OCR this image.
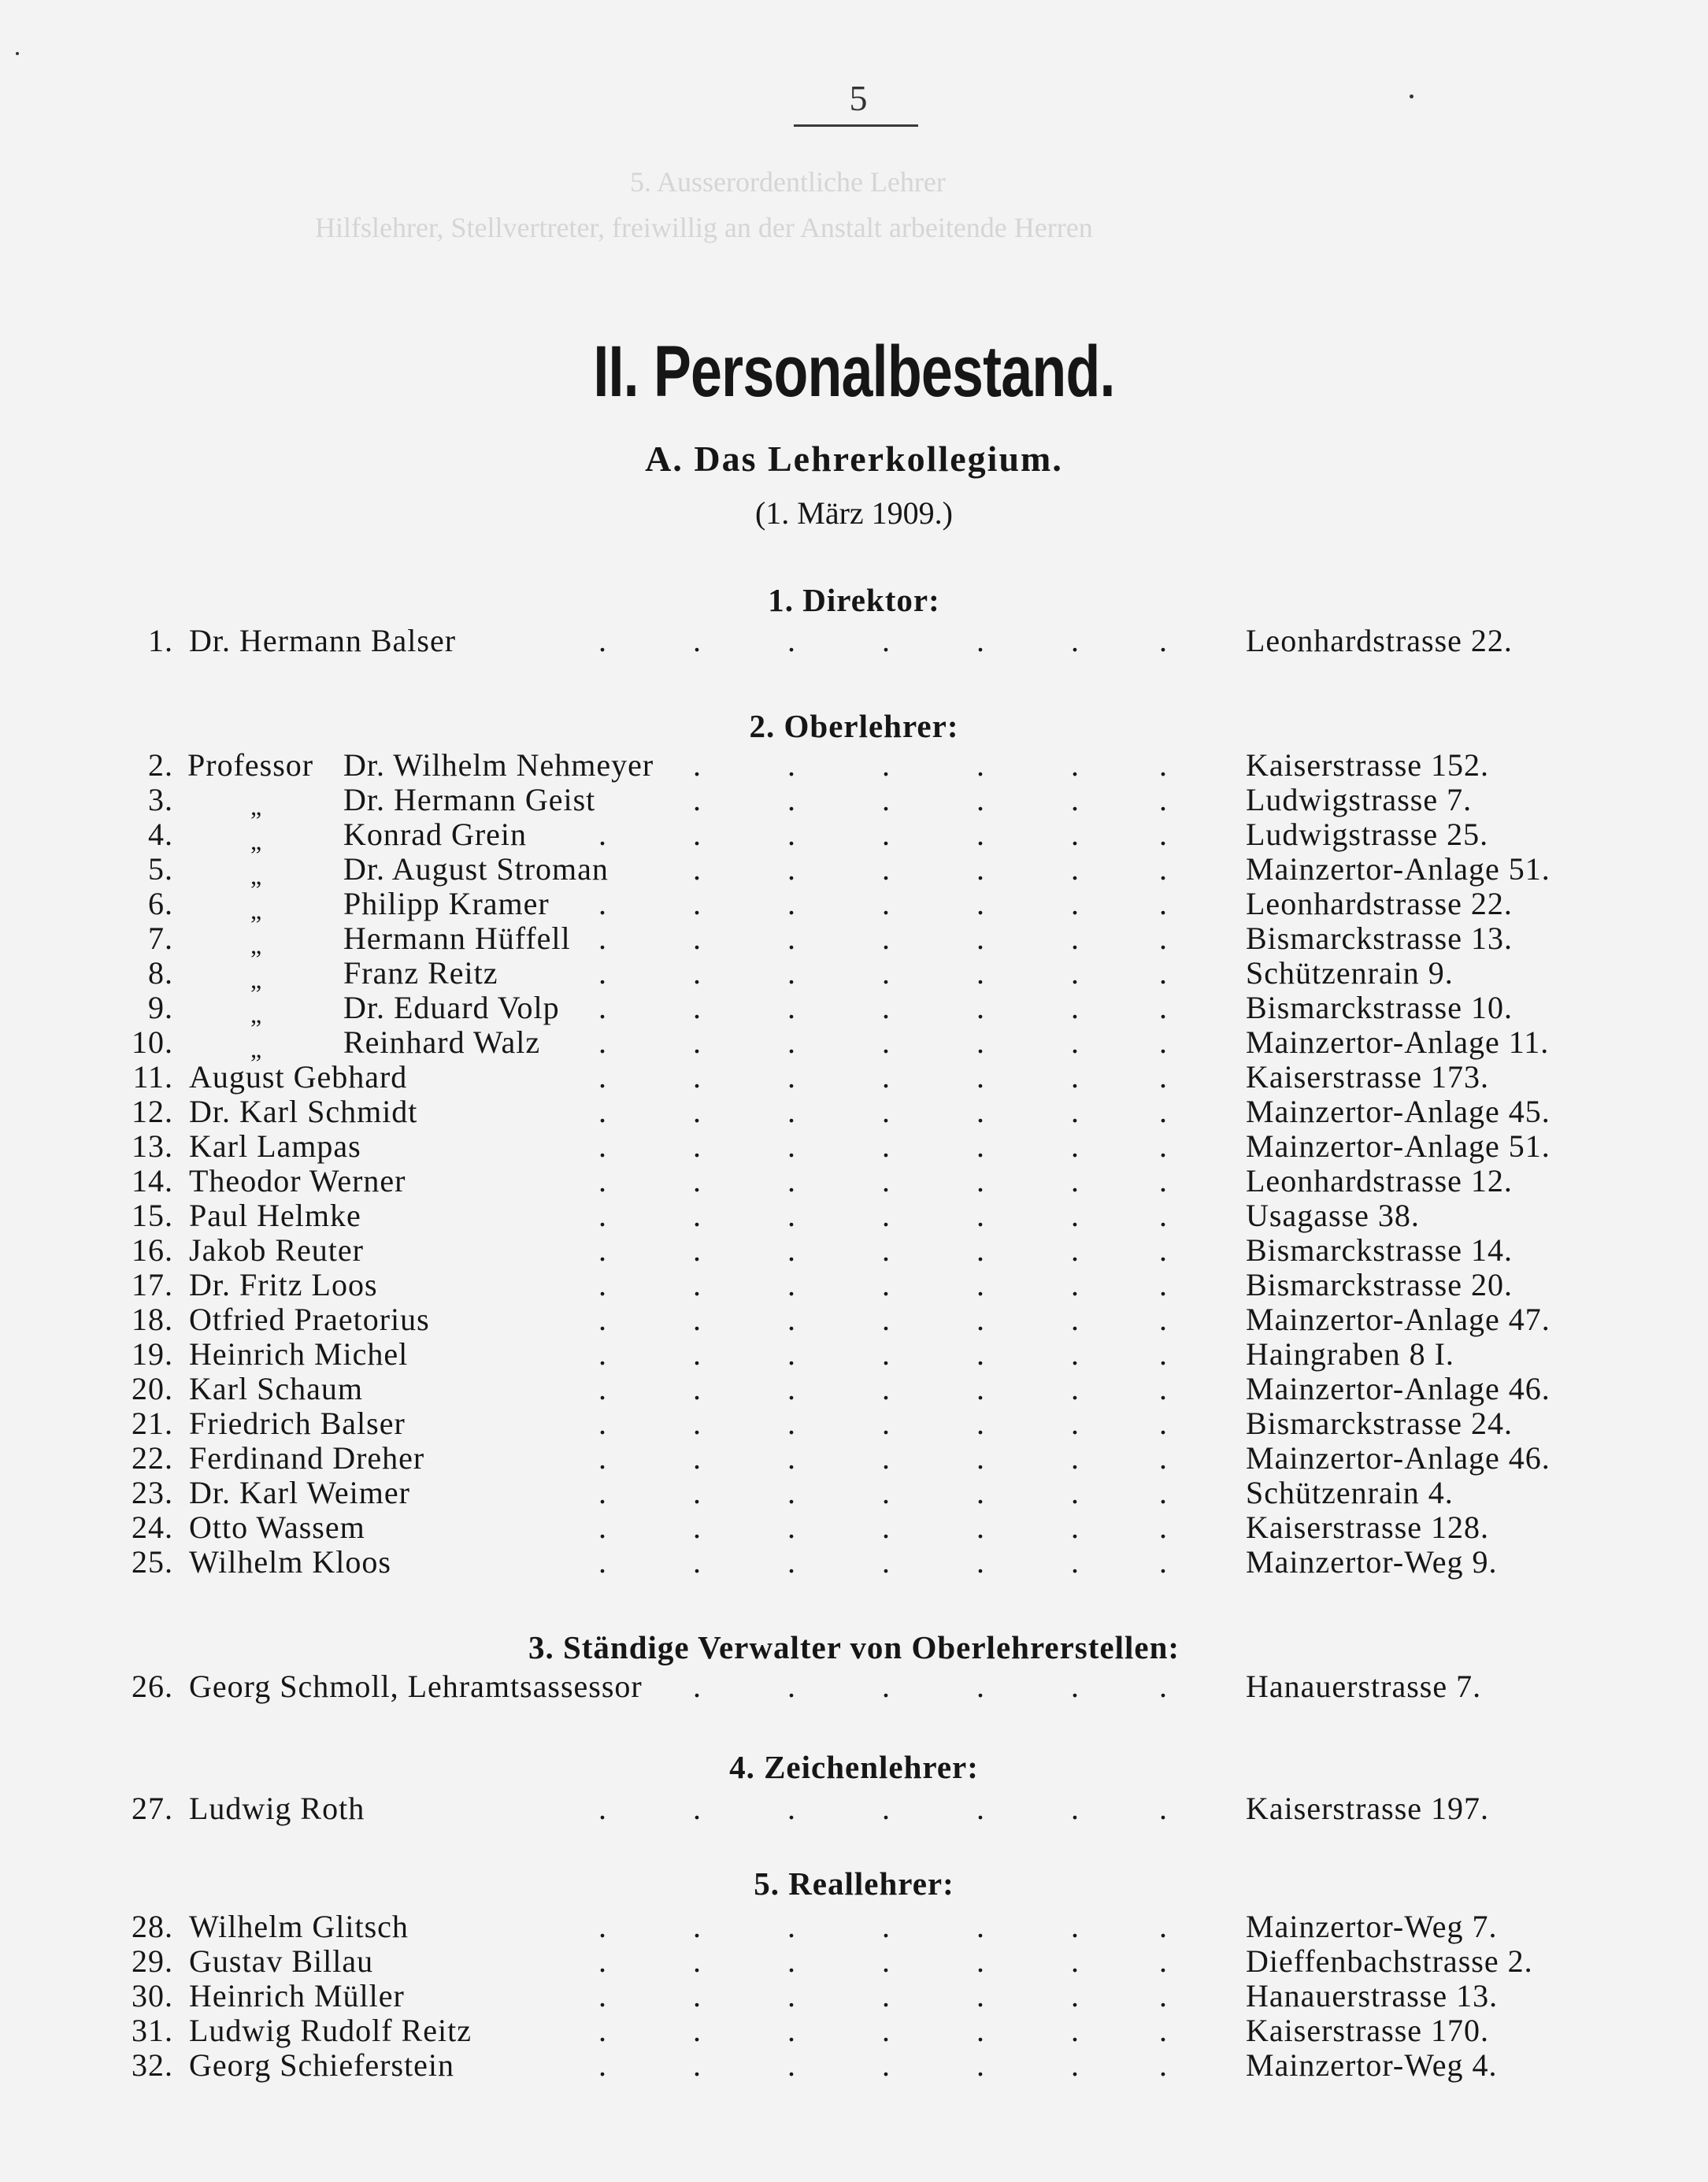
5. Ausserordentliche Lehrer
Hilfslehrer, Stellvertreter, freiwillig an der Anstalt arbeitende Herren
5
II. Personalbestand.
A. Das Lehrerkollegium.
(1. März 1909.)
1. Direktor:
1. Dr. Hermann Balser	.	.	.	.	.	.	. Leonhardstrasse 22.
2. Oberlehrer:
2. Professor Dr. Wilhelm Nehmeyer .	.	.	.	.	. Kaiserstrasse 152.
3.	„	Dr. Hermann Geist	.	.	.	.	.	. Ludwigstrasse 7.
4.	„	Konrad Grein .	.	.	.	.	.	. Ludwigstrasse 25.
5.	„	Dr. August Stroman	.	.	.	.	.	. Mainzertor-Anlage 51.
6.	„	Philipp Kramer .	.	.	.	.	.	. Leonhardstrasse 22.
7.	„	Hermann Hüffell .	.	.	.	.	.	. Bismarckstrasse 13.
8.	„	Franz Reitz	.	.	.	.	.	.	. Schützenrain 9.
9.	„	Dr. Eduard Volp .	.	.	.	.	.	. Bismarckstrasse 10.
10.	„	Reinhard Walz .	.	.	.	.	.	. Mainzertor-Anlage 11.
11. August Gebhard	.	.	.	.	.	.	. Kaiserstrasse 173.
12. Dr. Karl Schmidt	.	.	.	.	.	.	. Mainzertor-Anlage 45.
13. Karl Lampas	.	.	.	.	.	.	. Mainzertor-Anlage 51.
14. Theodor Werner	.	.	.	.	.	.	. Leonhardstrasse 12.
15. Paul Helmke	.	.	.	.	.	.	. Usagasse 38.
16. Jakob Reuter	.	.	.	.	.	.	. Bismarckstrasse 14.
17. Dr. Fritz Loos	.	.	.	.	.	.	. Bismarckstrasse 20.
18. Otfried Praetorius	.	.	.	.	.	.	. Mainzertor-Anlage 47.
19. Heinrich Michel	.	.	.	.	.	.	. Haingraben 8 I.
20. Karl Schaum	.	.	.	.	.	.	. Mainzertor-Anlage 46.
21. Friedrich Balser	.	.	.	.	.	.	. Bismarckstrasse 24.
22. Ferdinand Dreher	.	.	.	.	.	.	. Mainzertor-Anlage 46.
23. Dr. Karl Weimer	.	.	.	.	.	.	. Schützenrain 4.
24. Otto Wassem	.	.	.	.	.	.	. Kaiserstrasse 128.
25. Wilhelm Kloos	.	.	.	.	.	.	. Mainzertor-Weg 9.
3. Ständige Verwalter von Oberlehrerstellen:
26. Georg Schmoll, Lehramtsassessor .	.	.	.	.	. Hanauerstrasse 7.
4. Zeichenlehrer:
27. Ludwig Roth	.	.	.	.	.	.	. Kaiserstrasse 197.
5. Reallehrer:
28. Wilhelm Glitsch	.	.	.	.	.	.	. Mainzertor-Weg 7.
29. Gustav Billau	.	.	.	.	.	.	. Dieffenbachstrasse 2.
30. Heinrich Müller	.	.	.	.	.	.	. Hanauerstrasse 13.
31. Ludwig Rudolf Reitz	.	.	.	.	.	.	. Kaiserstrasse 170.
32. Georg Schieferstein	.	.	.	.	.	.	. Mainzertor-Weg 4.
